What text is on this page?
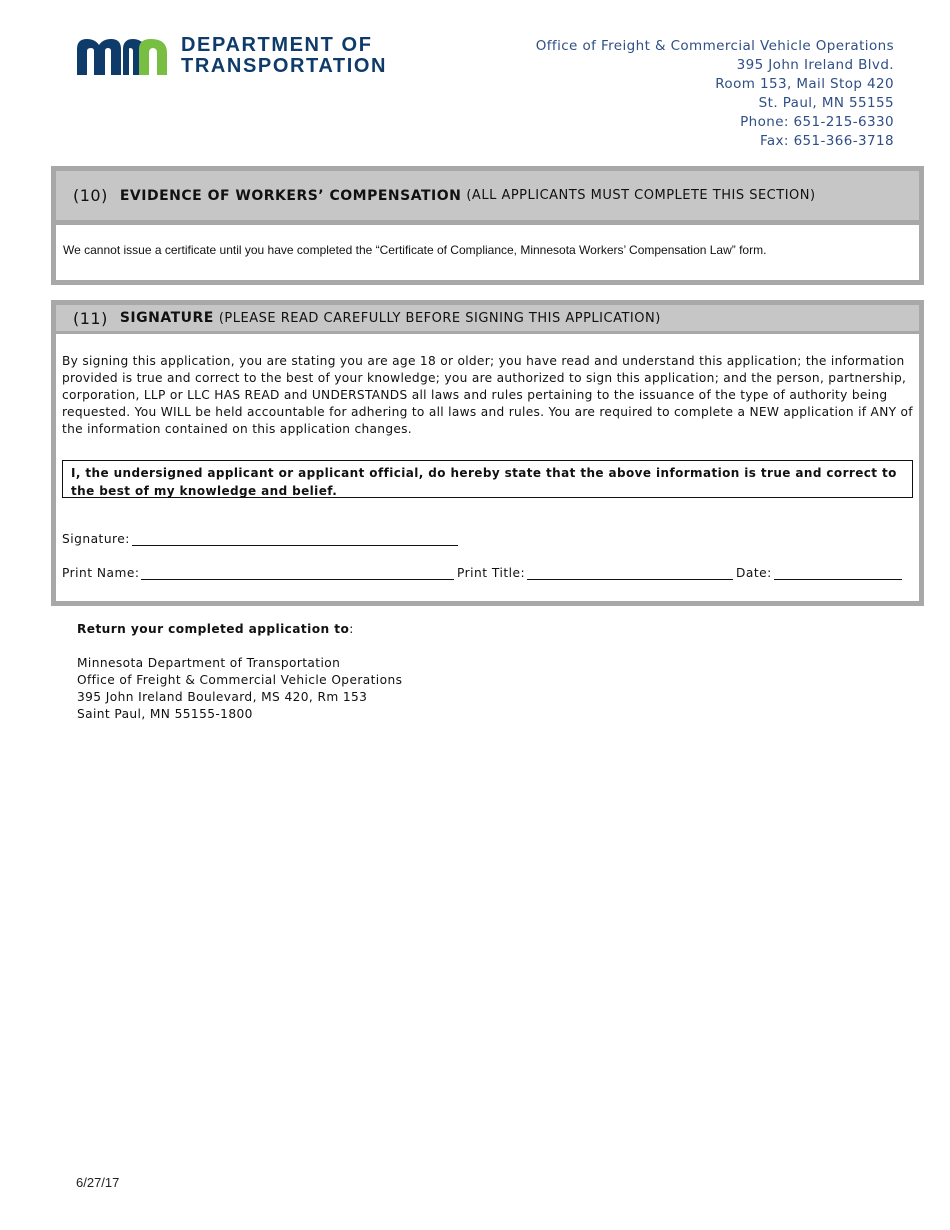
DEPARTMENT OF
TRANSPORTATION
Office of Freight & Commercial Vehicle Operations
395 John Ireland Blvd.
Room 153, Mail Stop 420
St. Paul, MN 55155
Phone: 651-215-6330
Fax: 651-366-3718
(10) EVIDENCE OF WORKERS’ COMPENSATION (ALL APPLICANTS MUST COMPLETE THIS SECTION)
We cannot issue a certificate until you have completed the “Certificate of Compliance, Minnesota Workers’ Compensation Law” form.
(11) SIGNATURE (PLEASE READ CAREFULLY BEFORE SIGNING THIS APPLICATION)

By signing this application, you are stating you are age 18 or older; you have read and understand this application; the information provided is true and correct to the best of your knowledge; you are authorized to sign this application; and the person, partnership, corporation, LLP or LLC HAS READ and UNDERSTANDS all laws and rules pertaining to the issuance of the type of authority being requested. You WILL be held accountable for adhering to all laws and rules. You are required to complete a NEW application if ANY of the information contained on this application changes.

I, the undersigned applicant or applicant official, do hereby state that the above information is true and correct to the best of my knowledge and belief.
Signature:
Print Name:	Print Title:	Date:
Return your completed application to:
Minnesota Department of Transportation
Office of Freight & Commercial Vehicle Operations
395 John Ireland Boulevard, MS 420, Rm 153
Saint Paul, MN 55155-1800
6/27/17
